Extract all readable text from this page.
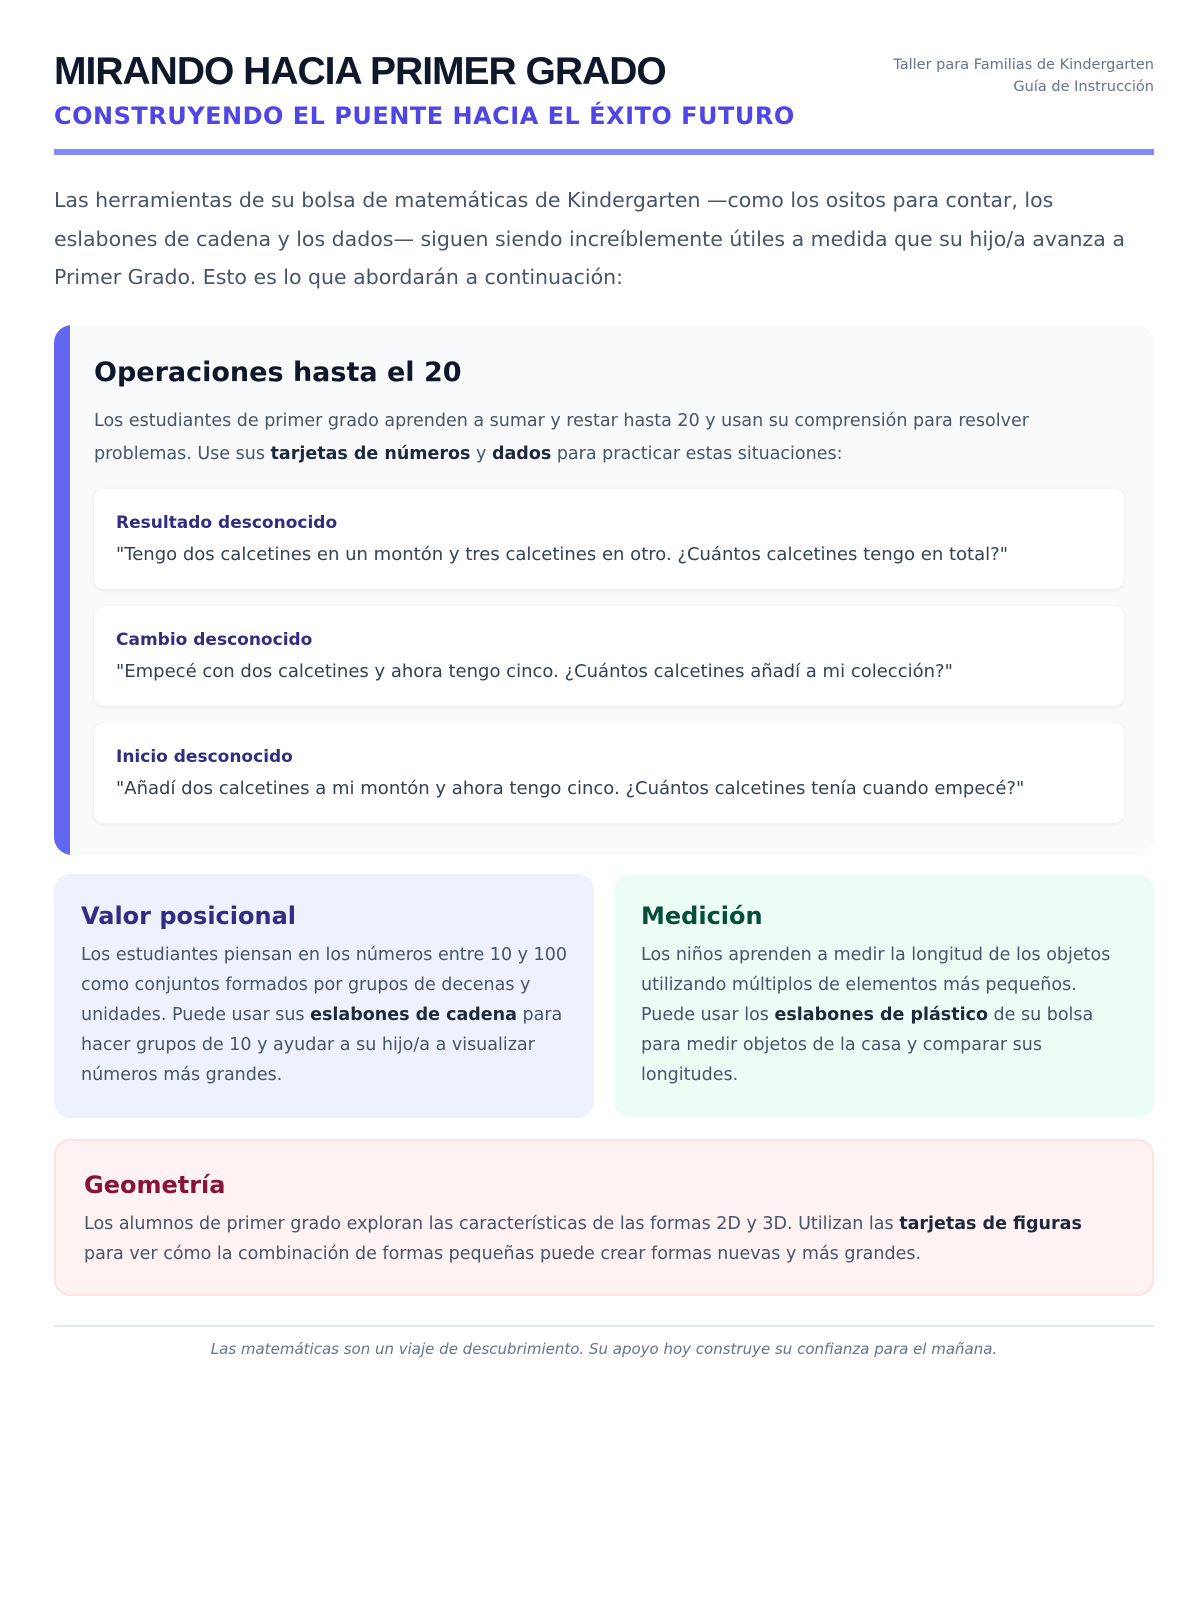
MIRANDO HACIA PRIMER GRADO
CONSTRUYENDO EL PUENTE HACIA EL ÉXITO FUTURO
Taller para Familias de Kindergarten
Guía de Instrucción

Las herramientas de su bolsa de matemáticas de Kindergarten —como los ositos para contar, los eslabones de cadena y los dados— siguen siendo increíblemente útiles a medida que su hijo/a avanza a Primer Grado. Esto es lo que abordarán a continuación:

Operaciones hasta el 20

Los estudiantes de primer grado aprenden a sumar y restar hasta 20 y usan su comprensión para resolver problemas. Use sus tarjetas de números y dados para practicar estas situaciones:

Resultado desconocido
"Tengo dos calcetines en un montón y tres calcetines en otro. ¿Cuántos calcetines tengo en total?"
Cambio desconocido
"Empecé con dos calcetines y ahora tengo cinco. ¿Cuántos calcetines añadí a mi colección?"
Inicio desconocido
"Añadí dos calcetines a mi montón y ahora tengo cinco. ¿Cuántos calcetines tenía cuando empecé?"
Valor posicional

Los estudiantes piensan en los números entre 10 y 100 como conjuntos formados por grupos de decenas y unidades. Puede usar sus eslabones de cadena para hacer grupos de 10 y ayudar a su hijo/a a visualizar números más grandes.

Medición

Los niños aprenden a medir la longitud de los objetos utilizando múltiplos de elementos más pequeños. Puede usar los eslabones de plástico de su bolsa para medir objetos de la casa y comparar sus longitudes.

Geometría

Los alumnos de primer grado exploran las características de las formas 2D y 3D. Utilizan las tarjetas de figuras para ver cómo la combinación de formas pequeñas puede crear formas nuevas y más grandes.

Las matemáticas son un viaje de descubrimiento. Su apoyo hoy construye su confianza para el mañana.
